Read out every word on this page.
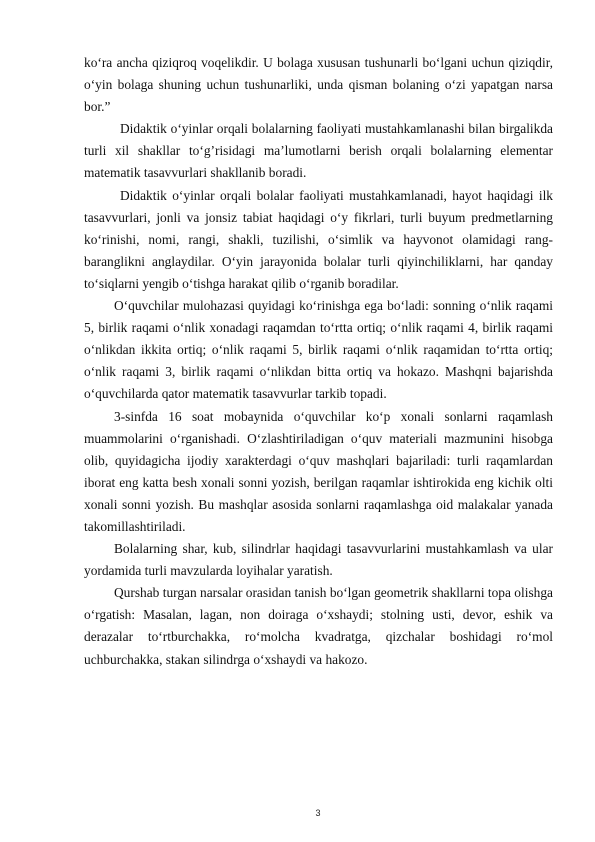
ko‘ra ancha qiziqroq voqelikdir. U bolaga xususan tushunarli bo‘lgani uchun qiziqdir, o‘yin bolaga shuning uchun tushunarliki, unda qisman bolaning o‘zi yapatgan narsa bor.”

Didaktik o‘yinlar orqali bolalarning faoliyati mustahkamlanashi bilan birgalikda turli xil shakllar to‘g’risidagi ma’lumotlarni berish orqali bolalarning elementar matematik tasavvurlari shakllanib boradi.

Didaktik o‘yinlar orqali bolalar faoliyati mustahkamlanadi, hayot haqidagi ilk tasavvurlari, jonli va jonsiz tabiat haqidagi o‘y fikrlari, turli buyum predmetlarning ko‘rinishi, nomi, rangi, shakli, tuzilishi, o‘simlik va hayvonot olamidagi rang-baranglikni anglaydilar. O‘yin jarayonida bolalar turli qiyinchiliklarni, har qanday to‘siqlarni yengib o‘tishga harakat qilib o‘rganib boradilar.

O‘quvchilar mulohazasi quyidagi ko‘rinishga ega bo‘ladi: sonning o‘nlik raqami 5, birlik raqami o‘nlik xonadagi raqamdan to‘rtta ortiq; o‘nlik raqami 4, birlik raqami o‘nlikdan ikkita ortiq; o‘nlik raqami 5, birlik raqami o‘nlik raqamidan to‘rtta ortiq; o‘nlik raqami 3, birlik raqami o‘nlikdan bitta ortiq va hokazo. Mashqni bajarishda o‘quvchilarda qator matematik tasavvurlar tarkib topadi.

3-sinfda 16 soat mobaynida o‘quvchilar ko‘p xonali sonlarni raqamlash muammolarini o‘rganishadi. O‘zlashtiriladigan o‘quv materiali mazmunini hisobga olib, quyidagicha ijodiy xarakterdagi o‘quv mashqlari bajariladi: turli raqamlardan iborat eng katta besh xonali sonni yozish, berilgan raqamlar ishtirokida eng kichik olti xonali sonni yozish. Bu mashqlar asosida sonlarni raqamlashga oid malakalar yanada takomillashtiriladi.

Bolalarning shar, kub, silindrlar haqidagi tasavvurlarini mustahkamlash va ular yordamida turli mavzularda loyihalar yaratish.

Qurshab turgan narsalar orasidan tanish bo‘lgan geometrik shakllarni topa olishga o‘rgatish: Masalan, lagan, non doiraga o‘xshaydi; stolning usti, devor, eshik va derazalar to‘rtburchakka, ro‘molcha kvadratga, qizchalar boshidagi ro‘mol uchburchakka, stakan silindrga o‘xshaydi va hakozo.

3
